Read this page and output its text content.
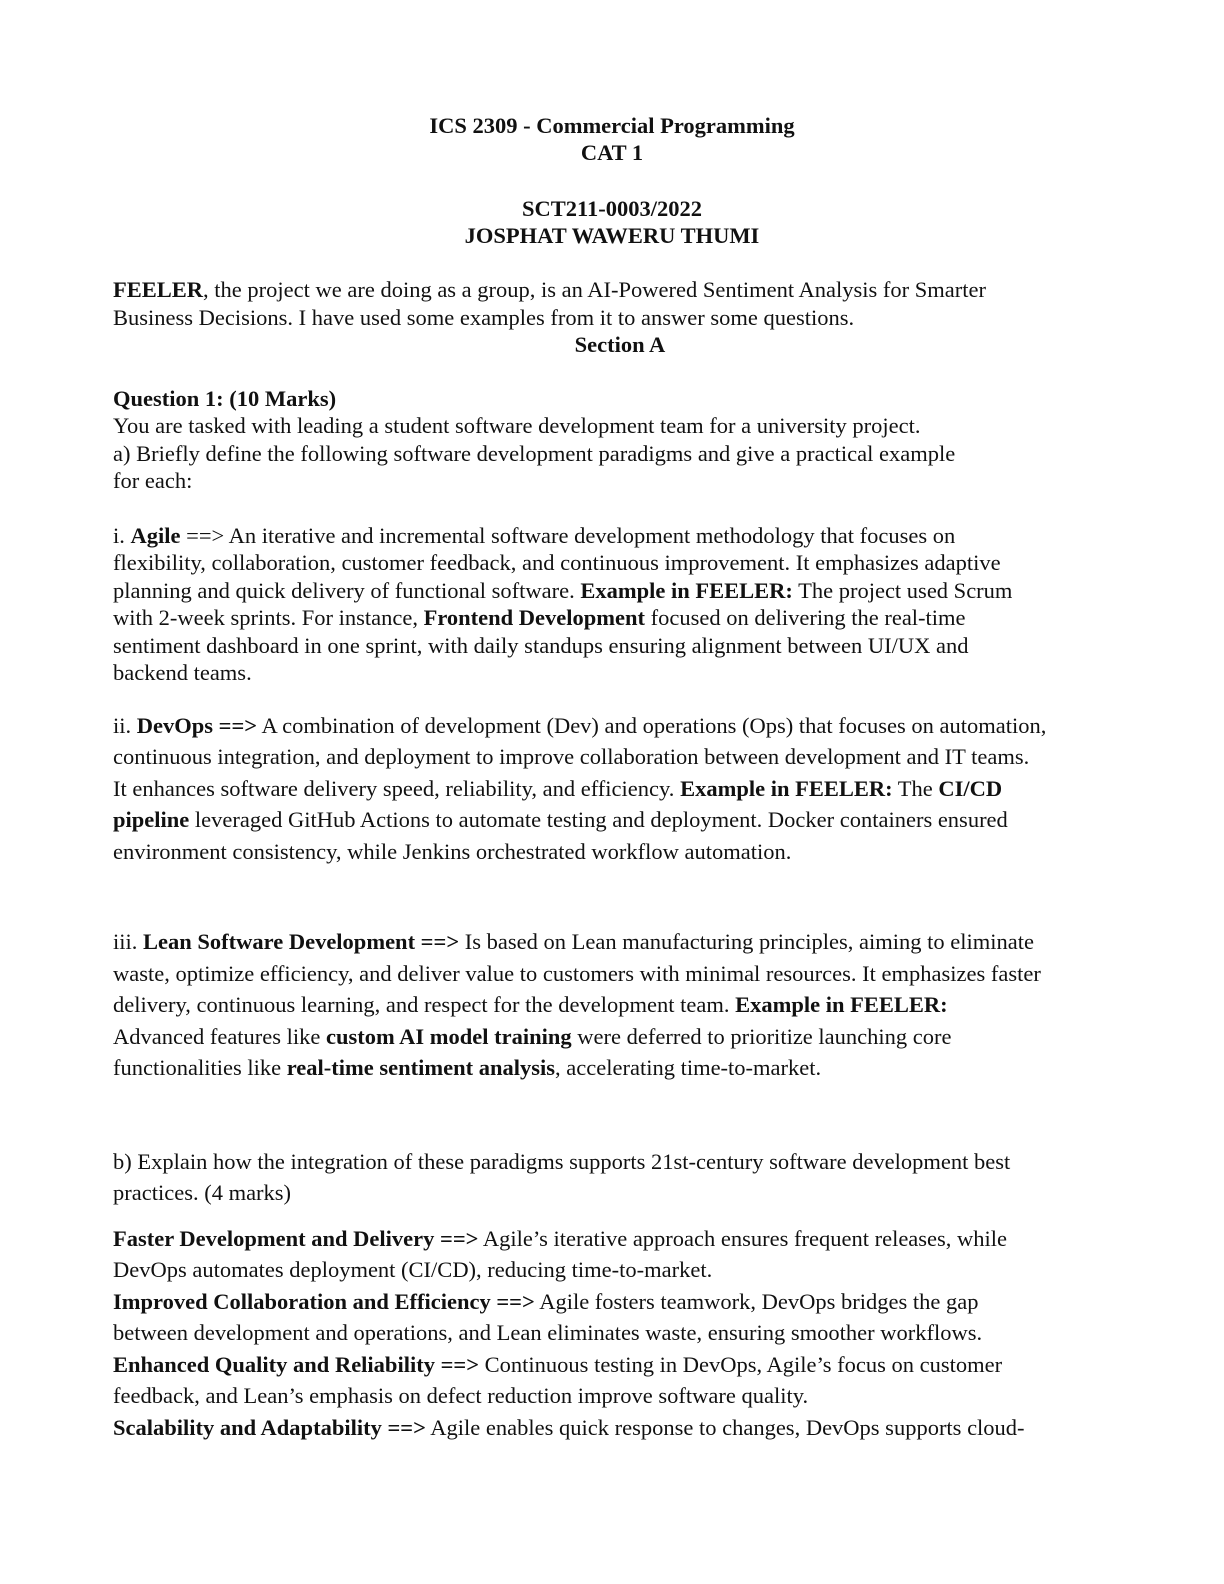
ICS 2309 - Commercial Programming
CAT 1
SCT211-0003/2022
JOSPHAT WAWERU THUMI

FEELER, the project we are doing as a group, is an AI-Powered Sentiment Analysis for Smarter
Business Decisions. I have used some examples from it to answer some questions.

Section A

Question 1: (10 Marks)
You are tasked with leading a student software development team for a university project.
a) Briefly define the following software development paradigms and give a practical example
for each:

i. Agile ==> An iterative and incremental software development methodology that focuses on
flexibility, collaboration, customer feedback, and continuous improvement. It emphasizes adaptive
planning and quick delivery of functional software. Example in FEELER: The project used Scrum
with 2-week sprints. For instance, Frontend Development focused on delivering the real-time
sentiment dashboard in one sprint, with daily standups ensuring alignment between UI/UX and
backend teams.

ii. DevOps ==> A combination of development (Dev) and operations (Ops) that focuses on automation,
continuous integration, and deployment to improve collaboration between development and IT teams.
It enhances software delivery speed, reliability, and efficiency. Example in FEELER: The CI/CD
pipeline leveraged GitHub Actions to automate testing and deployment. Docker containers ensured
environment consistency, while Jenkins orchestrated workflow automation.

iii. Lean Software Development ==> Is based on Lean manufacturing principles, aiming to eliminate
waste, optimize efficiency, and deliver value to customers with minimal resources. It emphasizes faster
delivery, continuous learning, and respect for the development team. Example in FEELER:
Advanced features like custom AI model training were deferred to prioritize launching core
functionalities like real-time sentiment analysis, accelerating time-to-market.

b) Explain how the integration of these paradigms supports 21st-century software development best
practices. (4 marks)

Faster Development and Delivery ==> Agile’s iterative approach ensures frequent releases, while
DevOps automates deployment (CI/CD), reducing time-to-market.
Improved Collaboration and Efficiency ==> Agile fosters teamwork, DevOps bridges the gap
between development and operations, and Lean eliminates waste, ensuring smoother workflows.
Enhanced Quality and Reliability ==> Continuous testing in DevOps, Agile’s focus on customer
feedback, and Lean’s emphasis on defect reduction improve software quality.
Scalability and Adaptability ==> Agile enables quick response to changes, DevOps supports cloud-
